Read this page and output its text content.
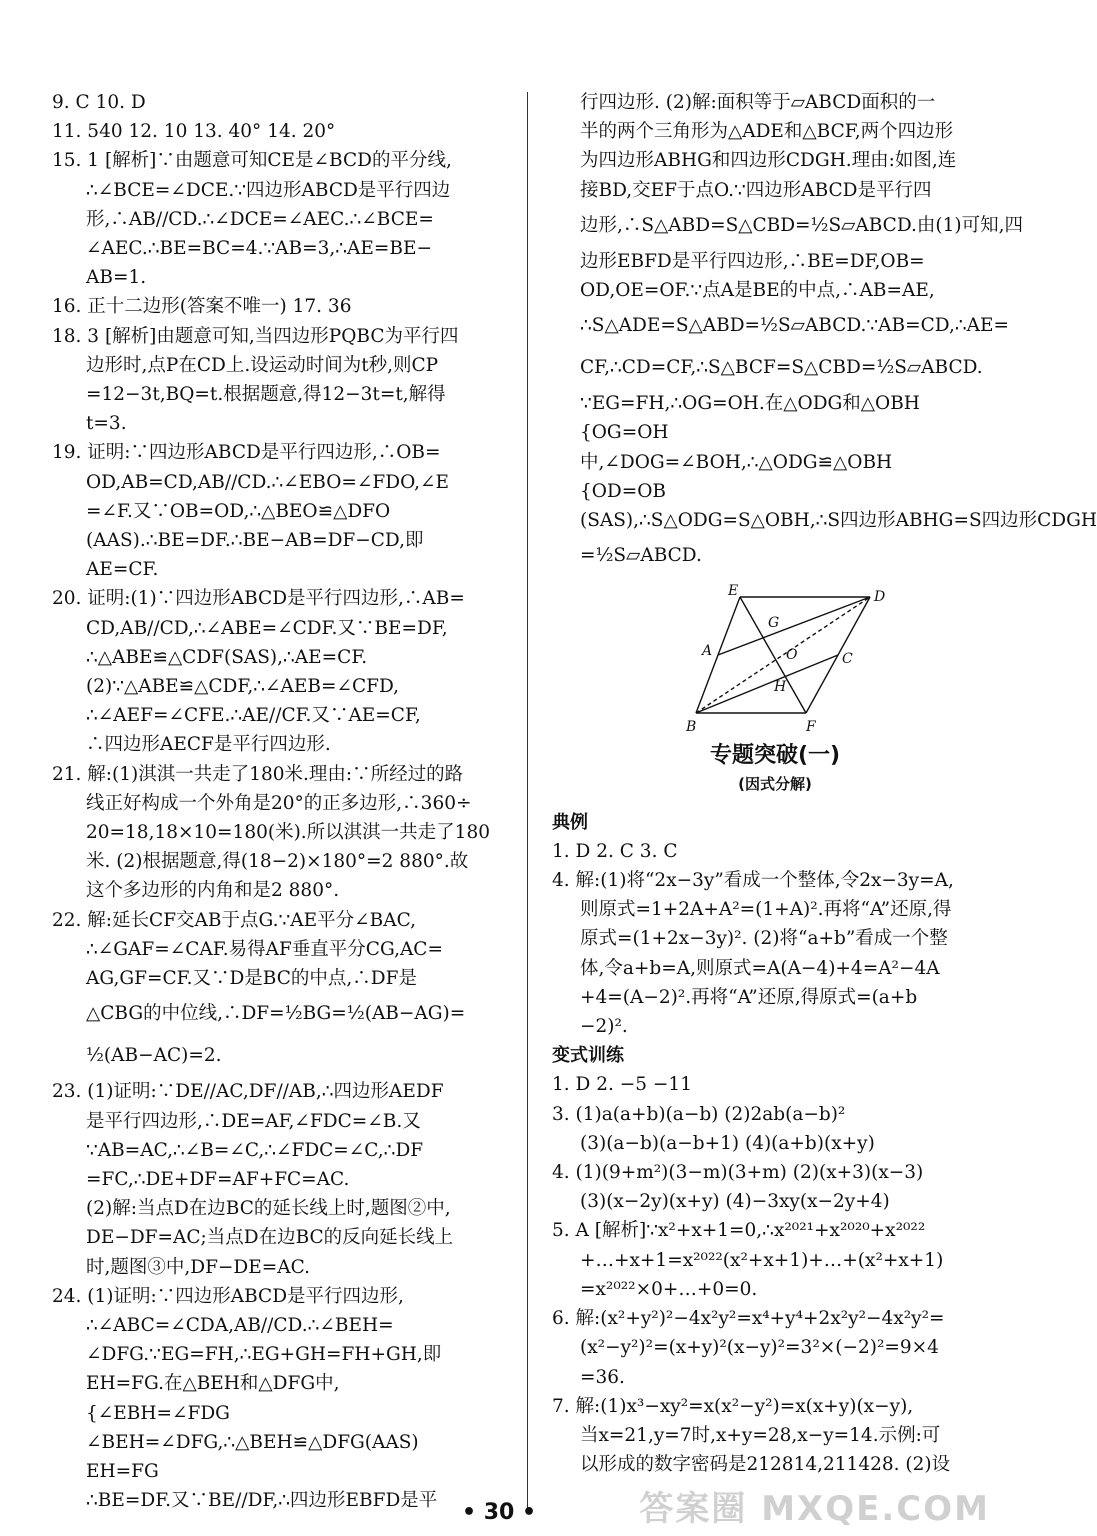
9. C 10. D
11. 540 12. 10 13. 40° 14. 20°
15. 1 [解析]∵由题意可知CE是∠BCD的平分线,
∴∠BCE=∠DCE.∵四边形ABCD是平行四边
形,∴AB//CD.∴∠DCE=∠AEC.∴∠BCE=
∠AEC.∴BE=BC=4.∵AB=3,∴AE=BE−
AB=1.
16. 正十二边形(答案不唯一) 17. 36
18. 3 [解析]由题意可知,当四边形PQBC为平行四
边形时,点P在CD上.设运动时间为t秒,则CP
=12−3t,BQ=t.根据题意,得12−3t=t,解得
t=3.
19. 证明:∵四边形ABCD是平行四边形,∴OB=
OD,AB=CD,AB//CD.∴∠EBO=∠FDO,∠E
=∠F.又∵OB=OD,∴△BEO≌△DFO
(AAS).∴BE=DF.∴BE−AB=DF−CD,即
AE=CF.
20. 证明:(1)∵四边形ABCD是平行四边形,∴AB=
CD,AB//CD,∴∠ABE=∠CDF.又∵BE=DF,
∴△ABE≌△CDF(SAS),∴AE=CF.
(2)∵△ABE≌△CDF,∴∠AEB=∠CFD,
∴∠AEF=∠CFE.∴AE//CF.又∵AE=CF,
∴四边形AECF是平行四边形.
21. 解:(1)淇淇一共走了180米.理由:∵所经过的路
线正好构成一个外角是20°的正多边形,∴360÷
20=18,18×10=180(米).所以淇淇一共走了180
米. (2)根据题意,得(18−2)×180°=2 880°.故
这个多边形的内角和是2 880°.
22. 解:延长CF交AB于点G.∵AE平分∠BAC,
∴∠GAF=∠CAF.易得AF垂直平分CG,AC=
AG,GF=CF.又∵D是BC的中点,∴DF是
△CBG的中位线,∴DF=½BG=½(AB−AG)=
½(AB−AC)=2.
23. (1)证明:∵DE//AC,DF//AB,∴四边形AEDF
是平行四边形,∴DE=AF,∠FDC=∠B.又
∵AB=AC,∴∠B=∠C,∴∠FDC=∠C,∴DF
=FC,∴DE+DF=AF+FC=AC.
(2)解:当点D在边BC的延长线上时,题图②中,
DE−DF=AC;当点D在边BC的反向延长线上
时,题图③中,DF−DE=AC.
24. (1)证明:∵四边形ABCD是平行四边形,
∴∠ABC=∠CDA,AB//CD.∴∠BEH=
∠DFG.∵EG=FH,∴EG+GH=FH+GH,即
EH=FG.在△BEH和△DFG中,
{∠EBH=∠FDG
∠BEH=∠DFG,∴△BEH≌△DFG(AAS)
EH=FG
∴BE=DF.又∵BE//DF,∴四边形EBFD是平
行四边形. (2)解:面积等于▱ABCD面积的一
半的两个三角形为△ADE和△BCF,两个四边形
为四边形ABHG和四边形CDGH.理由:如图,连
接BD,交EF于点O.∵四边形ABCD是平行四
边形,∴S△ABD=S△CBD=½S▱ABCD.由(1)可知,四
边形EBFD是平行四边形,∴BE=DF,OB=
OD,OE=OF.∵点A是BE的中点,∴AB=AE,
∴S△ADE=S△ABD=½S▱ABCD.∵AB=CD,∴AE=
CF,∴CD=CF,∴S△BCF=S△CBD=½S▱ABCD.
∵EG=FH,∴OG=OH.在△ODG和△OBH
{OG=OH
中,∠DOG=∠BOH,∴△ODG≌△OBH
{OD=OB
(SAS),∴S△ODG=S△OBH,∴S四边形ABHG=S四边形CDGH
=½S▱ABCD.
E	D
G
A	O	C
H
B	F
专题突破(一)
(因式分解)
典例
1. D 2. C 3. C
4. 解:(1)将“2x−3y”看成一个整体,令2x−3y=A,
则原式=1+2A+A²=(1+A)².再将“A”还原,得
原式=(1+2x−3y)². (2)将“a+b”看成一个整
体,令a+b=A,则原式=A(A−4)+4=A²−4A
+4=(A−2)².再将“A”还原,得原式=(a+b
−2)².
变式训练
1. D 2. −5 −11
3. (1)a(a+b)(a−b) (2)2ab(a−b)²
(3)(a−b)(a−b+1) (4)(a+b)(x+y)
4. (1)(9+m²)(3−m)(3+m) (2)(x+3)(x−3)
(3)(x−2y)(x+y) (4)−3xy(x−2y+4)
5. A [解析]∵x²+x+1=0,∴x²⁰²¹+x²⁰²⁰+x²⁰²²
+…+x+1=x²⁰²²(x²+x+1)+…+(x²+x+1)
=x²⁰²²×0+…+0=0.
6. 解:(x²+y²)²−4x²y²=x⁴+y⁴+2x²y²−4x²y²=
(x²−y²)²=(x+y)²(x−y)²=3²×(−2)²=9×4
=36.
7. 解:(1)x³−xy²=x(x²−y²)=x(x+y)(x−y),
当x=21,y=7时,x+y=28,x−y=14.示例:可
以形成的数字密码是212814,211428. (2)设
• 30 •	答案圈 MXQE.COM
